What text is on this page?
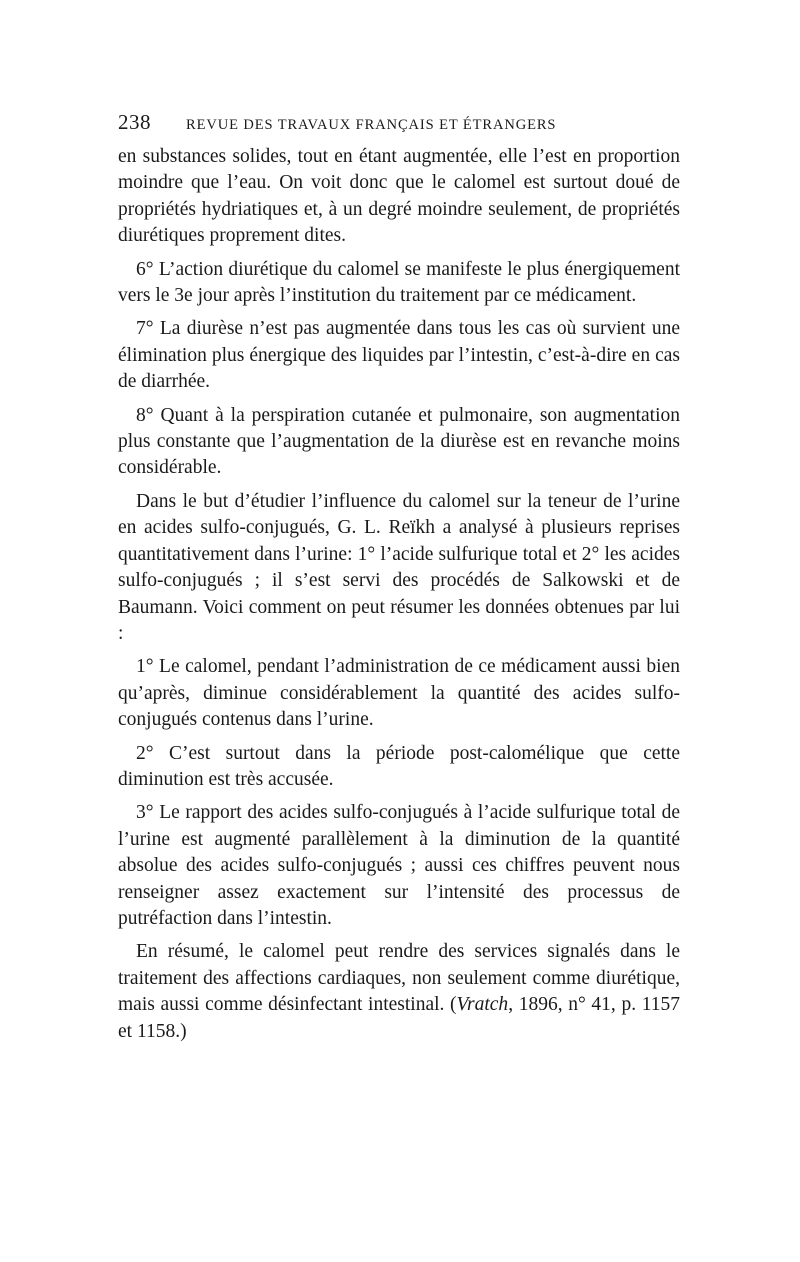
238	REVUE DES TRAVAUX FRANÇAIS ET ÉTRANGERS

en substances solides, tout en étant augmentée, elle l’est en proportion moindre que l’eau. On voit donc que le calomel est surtout doué de propriétés hydriatiques et, à un degré moindre seulement, de propriétés diurétiques proprement dites.

6° L’action diurétique du calomel se manifeste le plus énergiquement vers le 3e jour après l’institution du traitement par ce médicament.

7° La diurèse n’est pas augmentée dans tous les cas où survient une élimination plus énergique des liquides par l’intestin, c’est-à-dire en cas de diarrhée.

8° Quant à la perspiration cutanée et pulmonaire, son augmentation plus constante que l’augmentation de la diurèse est en revanche moins considérable.

Dans le but d’étudier l’influence du calomel sur la teneur de l’urine en acides sulfo-conjugués, G. L. Reïkh a analysé à plusieurs reprises quantitativement dans l’urine: 1° l’acide sulfurique total et 2° les acides sulfo-conjugués ; il s’est servi des procédés de Salkowski et de Baumann. Voici comment on peut résumer les données obtenues par lui :

1° Le calomel, pendant l’administration de ce médicament aussi bien qu’après, diminue considérablement la quantité des acides sulfo-conjugués contenus dans l’urine.

2° C’est surtout dans la période post-calomélique que cette diminution est très accusée.

3° Le rapport des acides sulfo-conjugués à l’acide sulfurique total de l’urine est augmenté parallèlement à la diminution de la quantité absolue des acides sulfo-conjugués ; aussi ces chiffres peuvent nous renseigner assez exactement sur l’intensité des processus de putréfaction dans l’intestin.

En résumé, le calomel peut rendre des services signalés dans le traitement des affections cardiaques, non seulement comme diurétique, mais aussi comme désinfectant intestinal. (Vratch, 1896, n° 41, p. 1157 et 1158.)
